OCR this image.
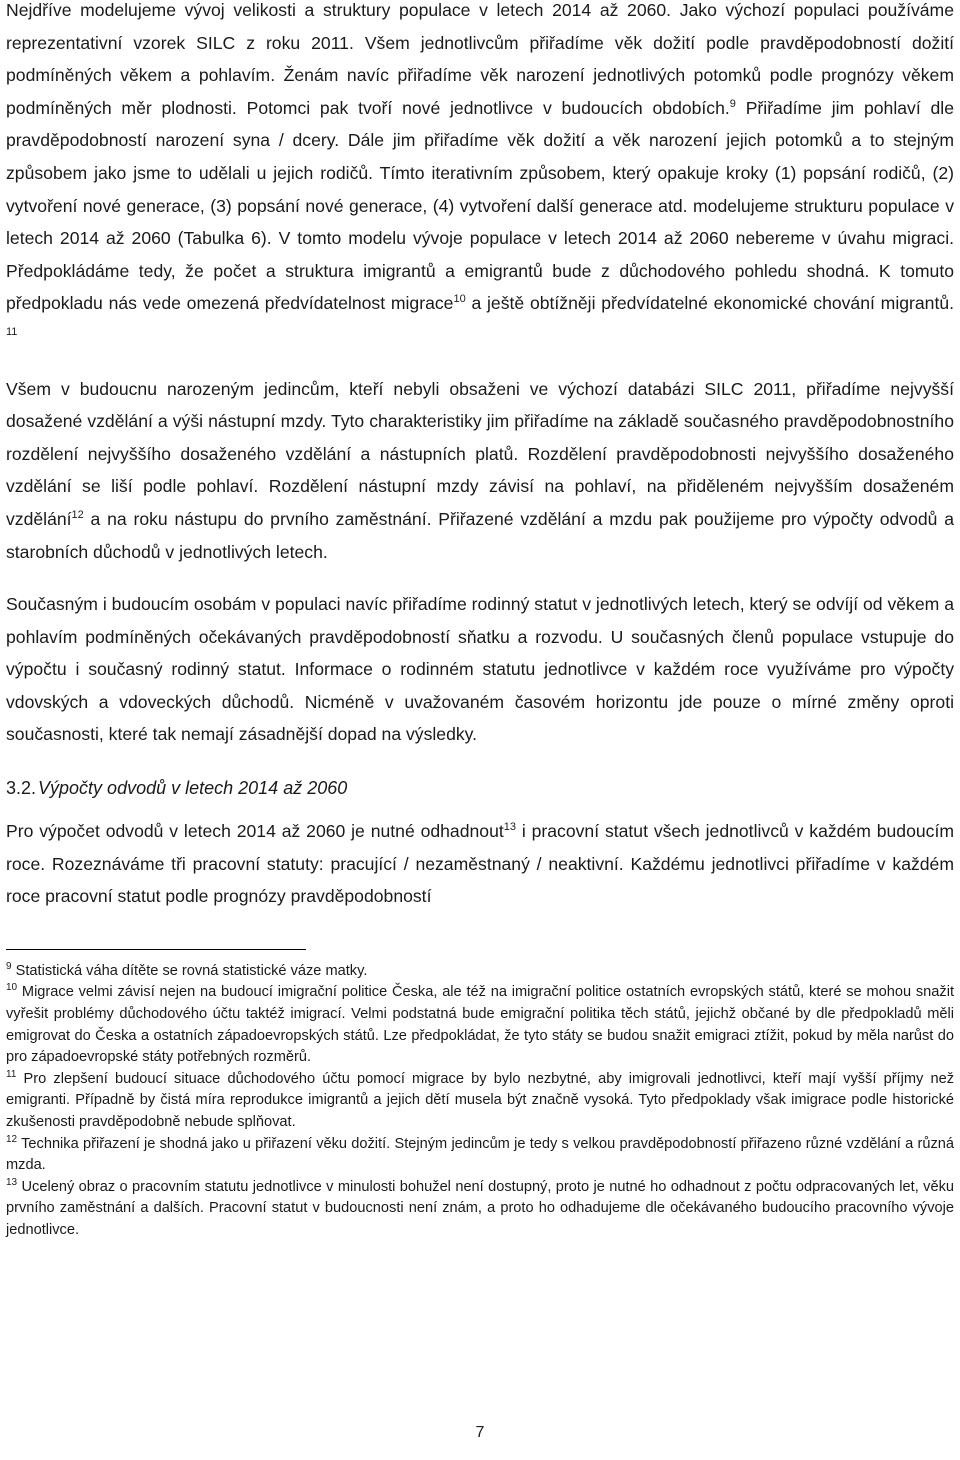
Nejdříve modelujeme vývoj velikosti a struktury populace v letech 2014 až 2060. Jako výchozí populaci používáme reprezentativní vzorek SILC z roku 2011. Všem jednotlivcům přiřadíme věk dožití podle pravděpodobností dožití podmíněných věkem a pohlavím. Ženám navíc přiřadíme věk narození jednotlivých potomků podle prognózy věkem podmíněných měr plodnosti. Potomci pak tvoří nové jednotlivce v budoucích obdobích.$^9$ Přiřadíme jim pohlaví dle pravděpodobností narození syna / dcery. Dále jim přiřadíme věk dožití a věk narození jejich potomků a to stejným způsobem jako jsme to udělali u jejich rodičů. Tímto iterativním způsobem, který opakuje kroky (1) popsání rodičů, (2) vytvoření nové generace, (3) popsání nové generace, (4) vytvoření další generace atd. modelujeme strukturu populace v letech 2014 až 2060 (Tabulka 6). V tomto modelu vývoje populace v letech 2014 až 2060 nebereme v úvahu migraci. Předpokládáme tedy, že počet a struktura imigrantů a emigrantů bude z důchodového pohledu shodná. K tomuto předpokladu nás vede omezená předvídatelnost migrace$^{10}$ a ještě obtížněji předvídatelné ekonomické chování migrantů. $^{11}$

Všem v budoucnu narozeným jedincům, kteří nebyli obsaženi ve výchozí databázi SILC 2011, přiřadíme nejvyšší dosažené vzdělání a výši nástupní mzdy. Tyto charakteristiky jim přiřadíme na základě současného pravděpodobnostního rozdělení nejvyššího dosaženého vzdělání a nástupních platů. Rozdělení pravděpodobnosti nejvyššího dosaženého vzdělání se liší podle pohlaví. Rozdělení nástupní mzdy závisí na pohlaví, na přiděleném nejvyšším dosaženém vzdělání$^{12}$ a na roku nástupu do prvního zaměstnání. Přiřazené vzdělání a mzdu pak použijeme pro výpočty odvodů a starobních důchodů v jednotlivých letech.

Současným i budoucím osobám v populaci navíc přiřadíme rodinný statut v jednotlivých letech, který se odvíjí od věkem a pohlavím podmíněných očekávaných pravděpodobností sňatku a rozvodu. U současných členů populace vstupuje do výpočtu i současný rodinný statut. Informace o rodinném statutu jednotlivce v každém roce využíváme pro výpočty vdovských a vdoveckých důchodů. Nicméně v uvažovaném časovém horizontu jde pouze o mírné změny oproti současnosti, které tak nemají zásadnější dopad na výsledky.

3.2. Výpočty odvodů v letech 2014 až 2060

Pro výpočet odvodů v letech 2014 až 2060 je nutné odhadnout$^{13}$ i pracovní statut všech jednotlivců v každém budoucím roce. Rozeznáváme tři pracovní statuty: pracující / nezaměstnaný / neaktivní. Každému jednotlivci přiřadíme v každém roce pracovní statut podle prognózy pravděpodobností

$^9$ Statistická váha dítěte se rovná statistické váze matky.

$^{10}$ Migrace velmi závisí nejen na budoucí imigrační politice Česka, ale též na imigrační politice ostatních evropských států, které se mohou snažit vyřešit problémy důchodového účtu taktéž imigrací. Velmi podstatná bude emigrační politika těch států, jejichž občané by dle předpokladů měli emigrovat do Česka a ostatních západoevropských států. Lze předpokládat, že tyto státy se budou snažit emigraci ztížit, pokud by měla narůst do pro západoevropské státy potřebných rozměrů.

$^{11}$ Pro zlepšení budoucí situace důchodového účtu pomocí migrace by bylo nezbytné, aby imigrovali jednotlivci, kteří mají vyšší příjmy než emigranti. Případně by čistá míra reprodukce imigrantů a jejich dětí musela být značně vysoká. Tyto předpoklady však imigrace podle historické zkušenosti pravděpodobně nebude splňovat.

$^{12}$ Technika přiřazení je shodná jako u přiřazení věku dožití. Stejným jedincům je tedy s velkou pravděpodobností přiřazeno různé vzdělání a různá mzda.

$^{13}$ Ucelený obraz o pracovním statutu jednotlivce v minulosti bohužel není dostupný, proto je nutné ho odhadnout z počtu odpracovaných let, věku prvního zaměstnání a dalších. Pracovní statut v budoucnosti není znám, a proto ho odhadujeme dle očekávaného budoucího pracovního vývoje jednotlivce.

7
